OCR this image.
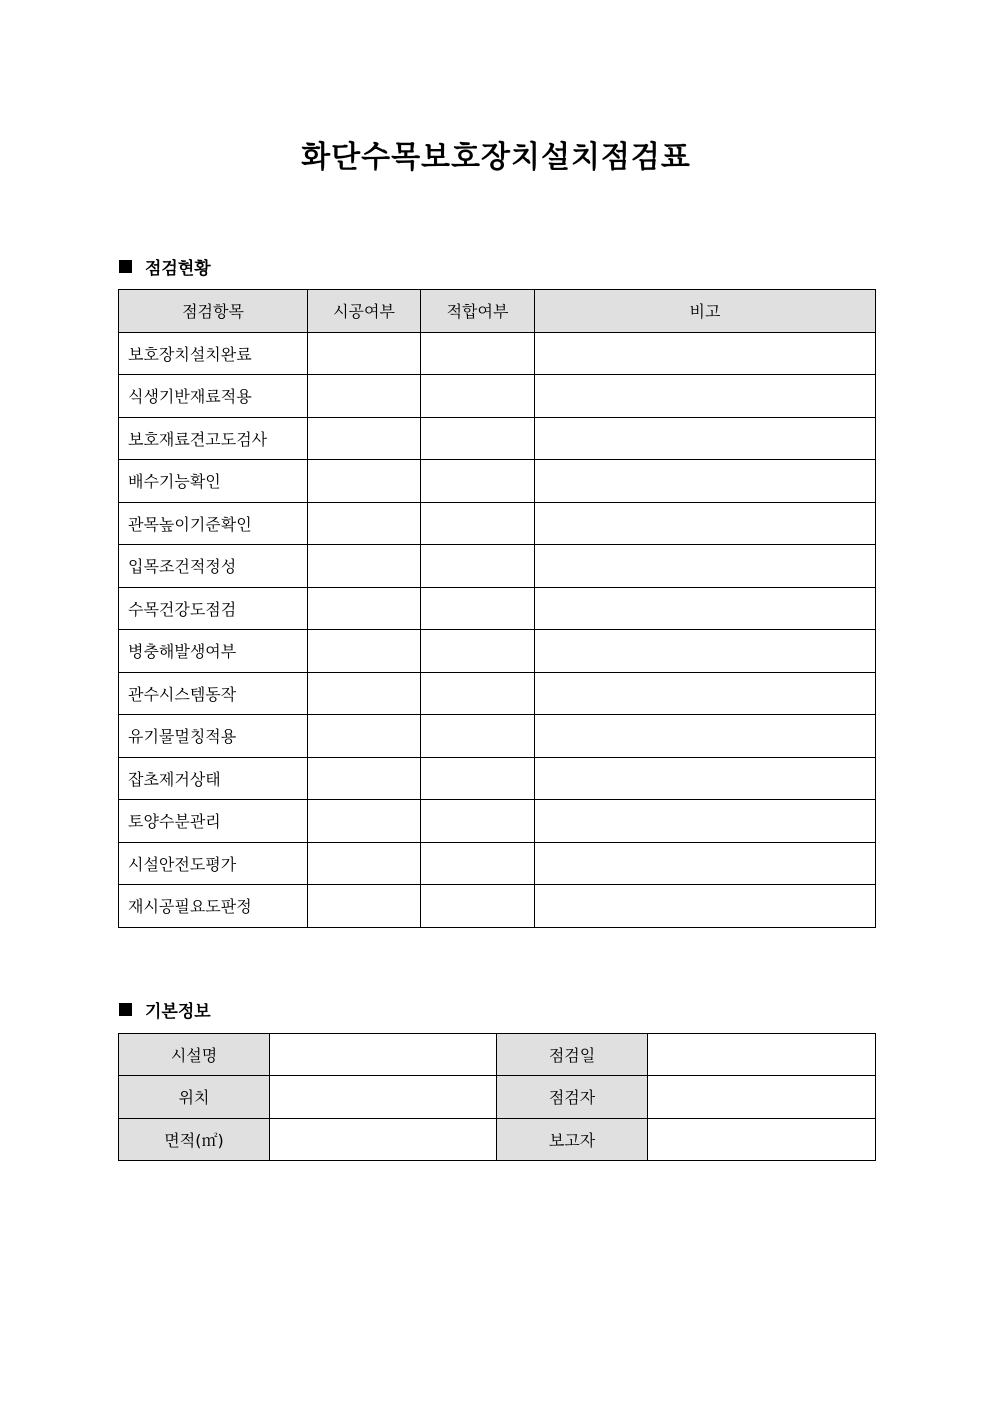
화단수목보호장치설치점검표
점검현황
점검항목	시공여부	적합여부	비고
보호장치설치완료			
식생기반재료적용			
보호재료견고도검사			
배수기능확인			
관목높이기준확인			
입목조건적정성			
수목건강도점검			
병충해발생여부			
관수시스템동작			
유기물멀칭적용			
잡초제거상태			
토양수분관리			
시설안전도평가			
재시공필요도판정			
기본정보
시설명		점검일	
위치		점검자	
면적(㎡)		보고자	
